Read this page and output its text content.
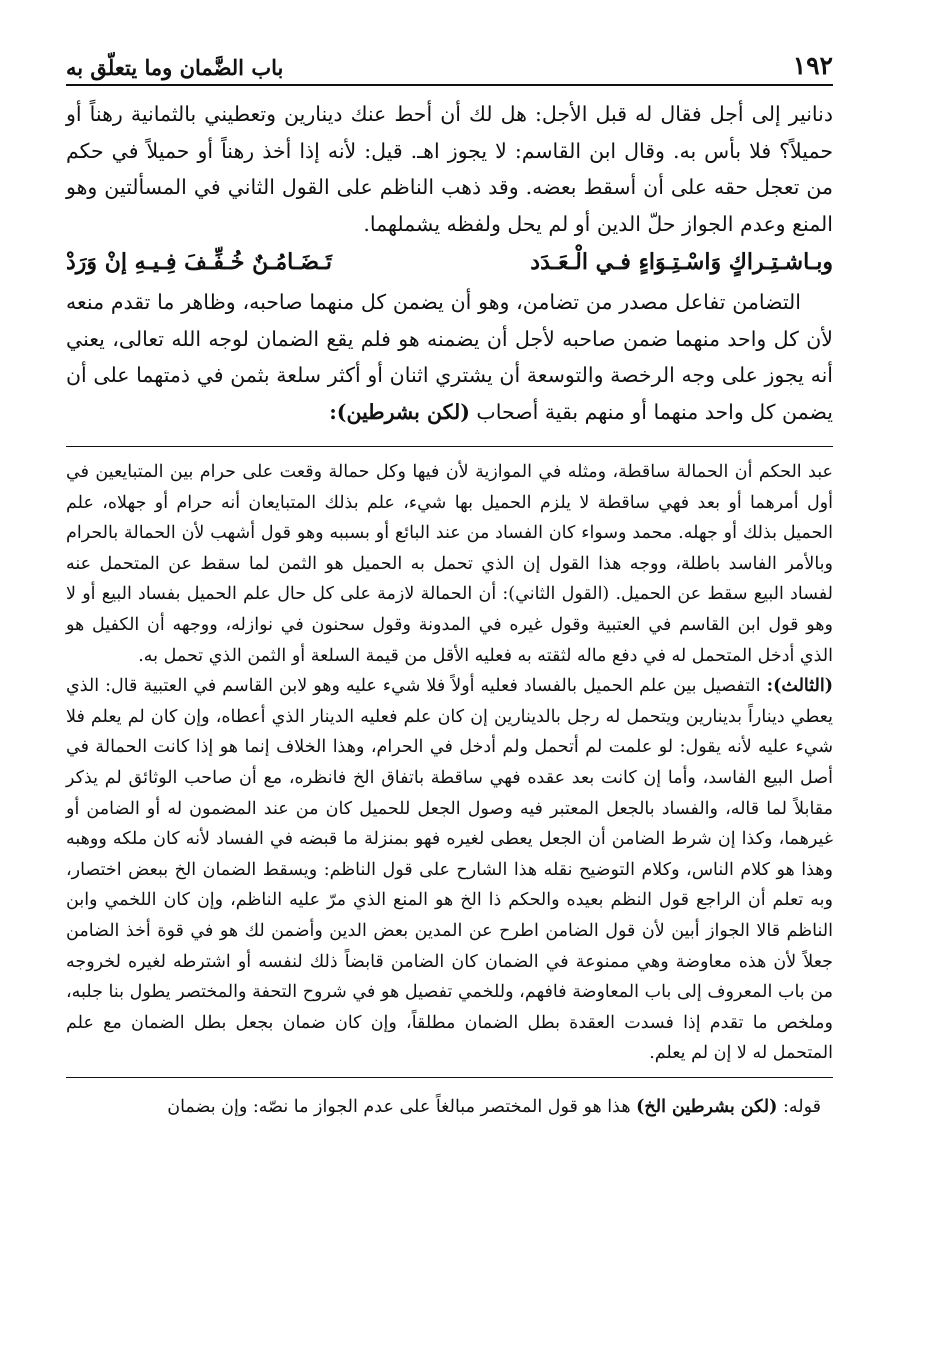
١٩٢
باب الضَّمان وما يتعلّق به

دنانير إلى أجل فقال له قبل الأجل: هل لك أن أحط عنك دينارين وتعطيني بالثمانية رهناً أو حميلاً؟ فلا بأس به. وقال ابن القاسم: لا يجوز اهـ. قيل: لأنه إذا أخذ رهناً أو حميلاً في حكم من تعجل حقه على أن أسقط بعضه. وقد ذهب الناظم على القول الثاني في المسألتين وهو المنع وعدم الجواز حلّ الدين أو لم يحل ولفظه يشملهما.

وبـاشـتِـراكٍ وَاسْـتِـوَاءٍ فـي الْـعَـدَد
تَـضَـامُـنٌ خُـفِّـفَ فِـيـهِ إنْ وَرَدْ

التضامن تفاعل مصدر من تضامن، وهو أن يضمن كل منهما صاحبه، وظاهر ما تقدم منعه لأن كل واحد منهما ضمن صاحبه لأجل أن يضمنه هو فلم يقع الضمان لوجه الله تعالى، يعني أنه يجوز على وجه الرخصة والتوسعة أن يشتري اثنان أو أكثر سلعة بثمن في ذمتهما على أن يضمن كل واحد منهما أو منهم بقية أصحاب (لكن بشرطين):

عبد الحكم أن الحمالة ساقطة، ومثله في الموازية لأن فيها وكل حمالة وقعت على حرام بين المتبايعين في أول أمرهما أو بعد فهي ساقطة لا يلزم الحميل بها شيء، علم بذلك المتبايعان أنه حرام أو جهلاه، علم الحميل بذلك أو جهله. محمد وسواء كان الفساد من عند البائع أو بسببه وهو قول أشهب لأن الحمالة بالحرام وبالأمر الفاسد باطلة، ووجه هذا القول إن الذي تحمل به الحميل هو الثمن لما سقط عن المتحمل عنه لفساد البيع سقط عن الحميل. (القول الثاني): أن الحمالة لازمة على كل حال علم الحميل بفساد البيع أو لا وهو قول ابن القاسم في العتبية وقول غيره في المدونة وقول سحنون في نوازله، ووجهه أن الكفيل هو الذي أدخل المتحمل له في دفع ماله لثقته به فعليه الأقل من قيمة السلعة أو الثمن الذي تحمل به.

(الثالث): التفصيل بين علم الحميل بالفساد فعليه أولاً فلا شيء عليه وهو لابن القاسم في العتبية قال: الذي يعطي ديناراً بدينارين ويتحمل له رجل بالدينارين إن كان علم فعليه الدينار الذي أعطاه، وإن كان لم يعلم فلا شيء عليه لأنه يقول: لو علمت لم أتحمل ولم أدخل في الحرام، وهذا الخلاف إنما هو إذا كانت الحمالة في أصل البيع الفاسد، وأما إن كانت بعد عقده فهي ساقطة باتفاق الخ فانظره، مع أن صاحب الوثائق لم يذكر مقابلاً لما قاله، والفساد بالجعل المعتبر فيه وصول الجعل للحميل كان من عند المضمون له أو الضامن أو غيرهما، وكذا إن شرط الضامن أن الجعل يعطى لغيره فهو بمنزلة ما قبضه في الفساد لأنه كان ملكه ووهبه وهذا هو كلام الناس، وكلام التوضيح نقله هذا الشارح على قول الناظم: ويسقط الضمان الخ ببعض اختصار، وبه تعلم أن الراجع قول النظم بعيده والحكم ذا الخ هو المنع الذي مرّ عليه الناظم، وإن كان اللخمي وابن الناظم قالا الجواز أبين لأن قول الضامن اطرح عن المدين بعض الدين وأضمن لك هو في قوة أخذ الضامن جعلاً لأن هذه معاوضة وهي ممنوعة في الضمان كان الضامن قابضاً ذلك لنفسه أو اشترطه لغيره لخروجه من باب المعروف إلى باب المعاوضة فافهم، وللخمي تفصيل هو في شروح التحفة والمختصر يطول بنا جلبه، وملخص ما تقدم إذا فسدت العقدة بطل الضمان مطلقاً، وإن كان ضمان بجعل بطل الضمان مع علم المتحمل له لا إن لم يعلم.

قوله: (لكن بشرطين الخ) هذا هو قول المختصر مبالغاً على عدم الجواز ما نصّه: وإن بضمان
